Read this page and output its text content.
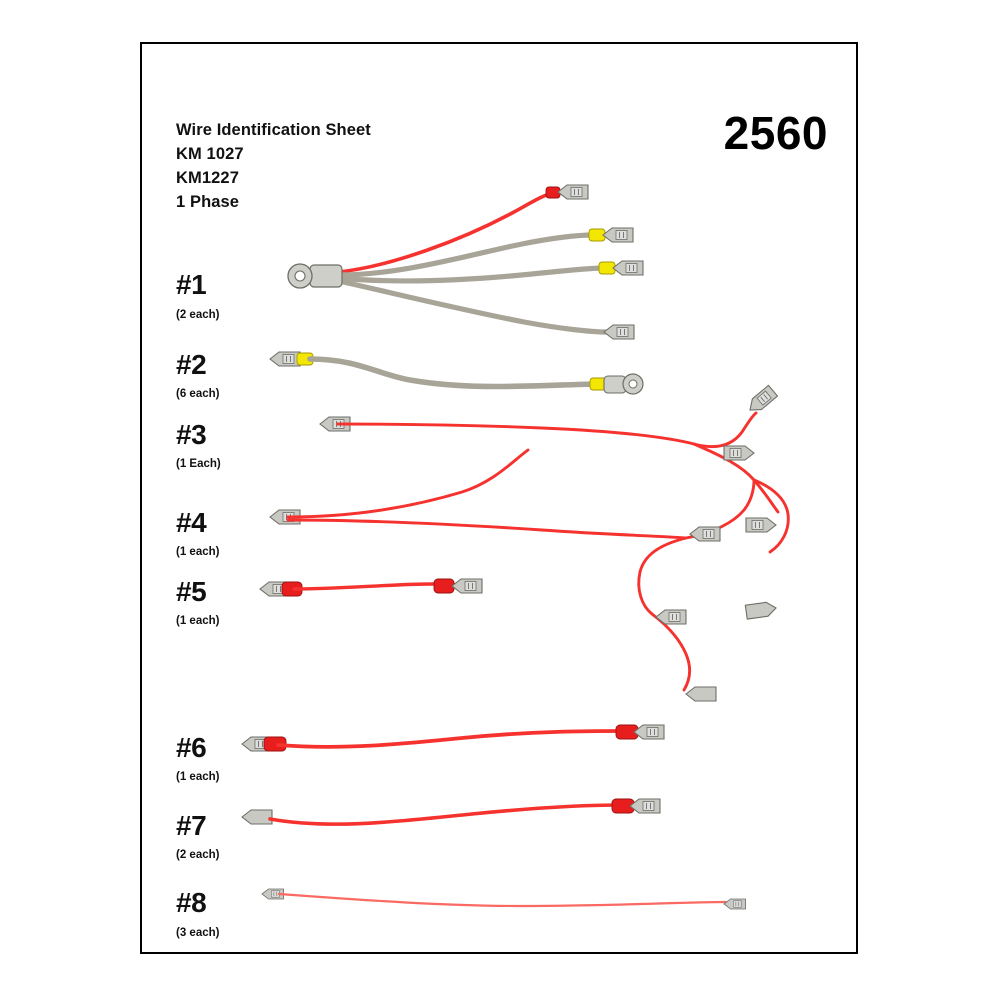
Wire Identification Sheet
KM 1027
KM1227
1 Phase
2560
#1
(2 each)
#2
(6 each)
#3
(1 Each)
#4
(1 each)
#5
(1 each)
#6
(1 each)
#7
(2 each)
#8
(3 each)
